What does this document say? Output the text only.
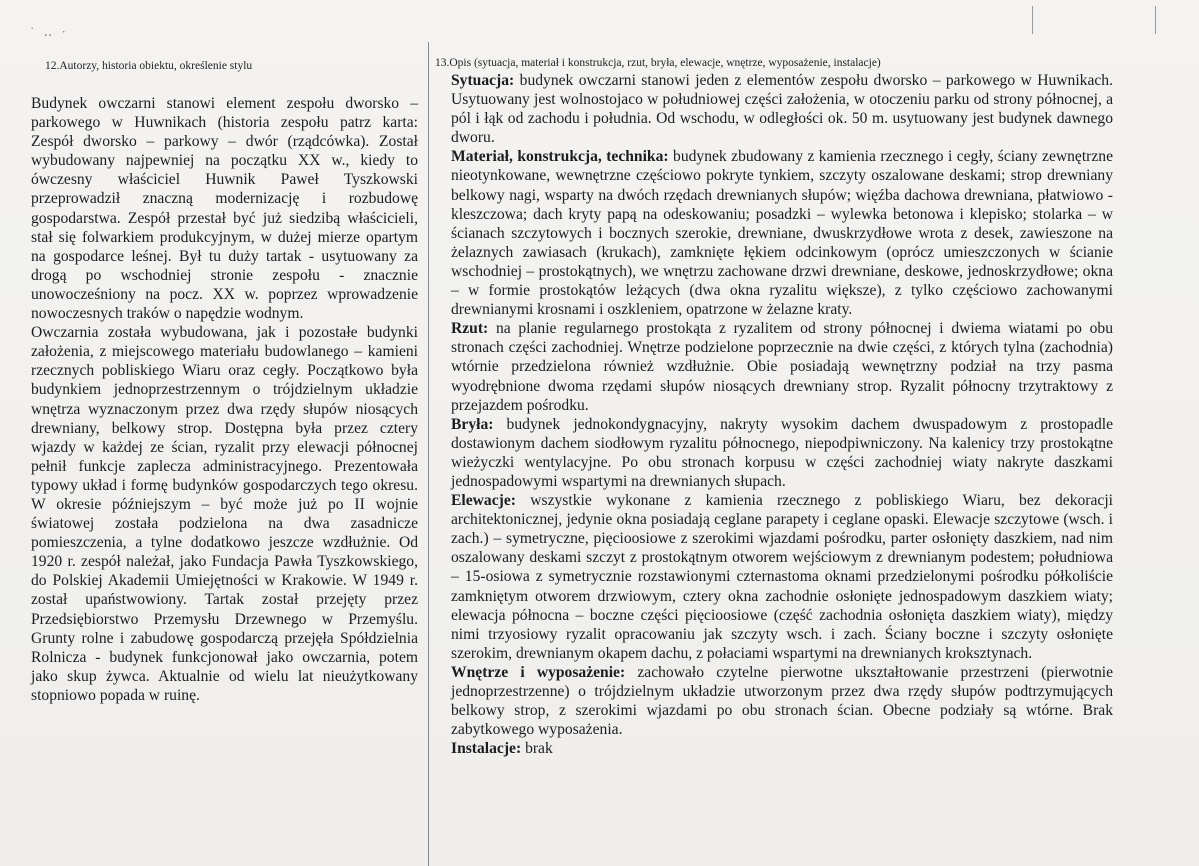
˙ ‥ ·
12.Autorzy, historia obiektu, określenie stylu

Budynek owczarni stanowi element zespołu dworsko – parkowego w Huwnikach (historia zespołu patrz karta: Zespół dworsko – parkowy – dwór (rządcówka). Został wybudowany najpewniej na początku XX w., kiedy to ówczesny właściciel Huwnik Paweł Tyszkowski przeprowadził znaczną modernizację i rozbudowę gospodarstwa. Zespół przestał być już siedzibą właścicieli, stał się folwarkiem produkcyjnym, w dużej mierze opartym na gospodarce leśnej. Był tu duży tartak - usytuowany za drogą po wschodniej stronie zespołu - znacznie unowocześniony na pocz. XX w. poprzez wprowadzenie nowoczesnych traków o napędzie wodnym.

Owczarnia została wybudowana, jak i pozostałe budynki założenia, z miejscowego materiału budowlanego – kamieni rzecznych pobliskiego Wiaru oraz cegły. Początkowo była budynkiem jednoprzestrzennym o trójdzielnym układzie wnętrza wyznaczonym przez dwa rzędy słupów niosących drewniany, belkowy strop. Dostępna była przez cztery wjazdy w każdej ze ścian, ryzalit przy elewacji północnej pełnił funkcje zaplecza administracyjnego. Prezentowała typowy układ i formę budynków gospodarczych tego okresu. W okresie późniejszym – być może już po II wojnie światowej została podzielona na dwa zasadnicze pomieszczenia, a tylne dodatkowo jeszcze wzdłużnie. Od 1920 r. zespół należał, jako Fundacja Pawła Tyszkowskiego, do Polskiej Akademii Umiejętności w Krakowie. W 1949 r. został upaństwowiony. Tartak został przejęty przez Przedsiębiorstwo Przemysłu Drzewnego w Przemyślu. Grunty rolne i zabudowę gospodarczą przejęła Spółdzielnia Rolnicza - budynek funkcjonował jako owczarnia, potem jako skup żywca. Aktualnie od wielu lat nieużytkowany stopniowo popada w ruinę.

13.Opis (sytuacja, materiał i konstrukcja, rzut, bryła, elewacje, wnętrze, wyposażenie, instalacje)

Sytuacja: budynek owczarni stanowi jeden z elementów zespołu dworsko – parkowego w Huwnikach. Usytuowany jest wolnostojaco w południowej części założenia, w otoczeniu parku od strony północnej, a pól i łąk od zachodu i południa. Od wschodu, w odległości ok. 50 m. usytuowany jest budynek dawnego dworu.

Materiał, konstrukcja, technika: budynek zbudowany z kamienia rzecznego i cegły, ściany zewnętrzne nieotynkowane, wewnętrzne częściowo pokryte tynkiem, szczyty oszalowane deskami; strop drewniany belkowy nagi, wsparty na dwóch rzędach drewnianych słupów; więźba dachowa drewniana, płatwiowo - kleszczowa; dach kryty papą na odeskowaniu; posadzki – wylewka betonowa i klepisko; stolarka – w ścianach szczytowych i bocznych szerokie, drewniane, dwuskrzydłowe wrota z desek, zawieszone na żelaznych zawiasach (krukach), zamknięte łękiem odcinkowym (oprócz umieszczonych w ścianie wschodniej – prostokątnych), we wnętrzu zachowane drzwi drewniane, deskowe, jednoskrzydłowe; okna – w formie prostokątów leżących (dwa okna ryzalitu większe), z tylko częściowo zachowanymi drewnianymi krosnami i oszkleniem, opatrzone w żelazne kraty.

Rzut: na planie regularnego prostokąta z ryzalitem od strony północnej i dwiema wiatami po obu stronach części zachodniej. Wnętrze podzielone poprzecznie na dwie części, z których tylna (zachodnia) wtórnie przedzielona również wzdłużnie. Obie posiadają wewnętrzny podział na trzy pasma wyodrębnione dwoma rzędami słupów niosących drewniany strop. Ryzalit północny trzytraktowy z przejazdem pośrodku.

Bryła: budynek jednokondygnacyjny, nakryty wysokim dachem dwuspadowym z prostopadle dostawionym dachem siodłowym ryzalitu północnego, niepodpiwniczony. Na kalenicy trzy prostokątne wieżyczki wentylacyjne. Po obu stronach korpusu w części zachodniej wiaty nakryte daszkami jednospadowymi wspartymi na drewnianych słupach.

Elewacje: wszystkie wykonane z kamienia rzecznego z pobliskiego Wiaru, bez dekoracji architektonicznej, jedynie okna posiadają ceglane parapety i ceglane opaski. Elewacje szczytowe (wsch. i zach.) – symetryczne, pięcioosiowe z szerokimi wjazdami pośrodku, parter osłonięty daszkiem, nad nim oszalowany deskami szczyt z prostokątnym otworem wejściowym z drewnianym podestem; południowa – 15-osiowa z symetrycznie rozstawionymi czternastoma oknami przedzielonymi pośrodku półkoliście zamkniętym otworem drzwiowym, cztery okna zachodnie osłonięte jednospadowym daszkiem wiaty; elewacja północna – boczne części pięcioosiowe (część zachodnia osłonięta daszkiem wiaty), między nimi trzyosiowy ryzalit opracowaniu jak szczyty wsch. i zach. Ściany boczne i szczyty osłonięte szerokim, drewnianym okapem dachu, z połaciami wspartymi na drewnianych kroksztynach.

Wnętrze i wyposażenie: zachowało czytelne pierwotne ukształtowanie przestrzeni (pierwotnie jednoprzestrzenne) o trójdzielnym układzie utworzonym przez dwa rzędy słupów podtrzymujących belkowy strop, z szerokimi wjazdami po obu stronach ścian. Obecne podziały są wtórne. Brak zabytkowego wyposażenia.

Instalacje: brak
